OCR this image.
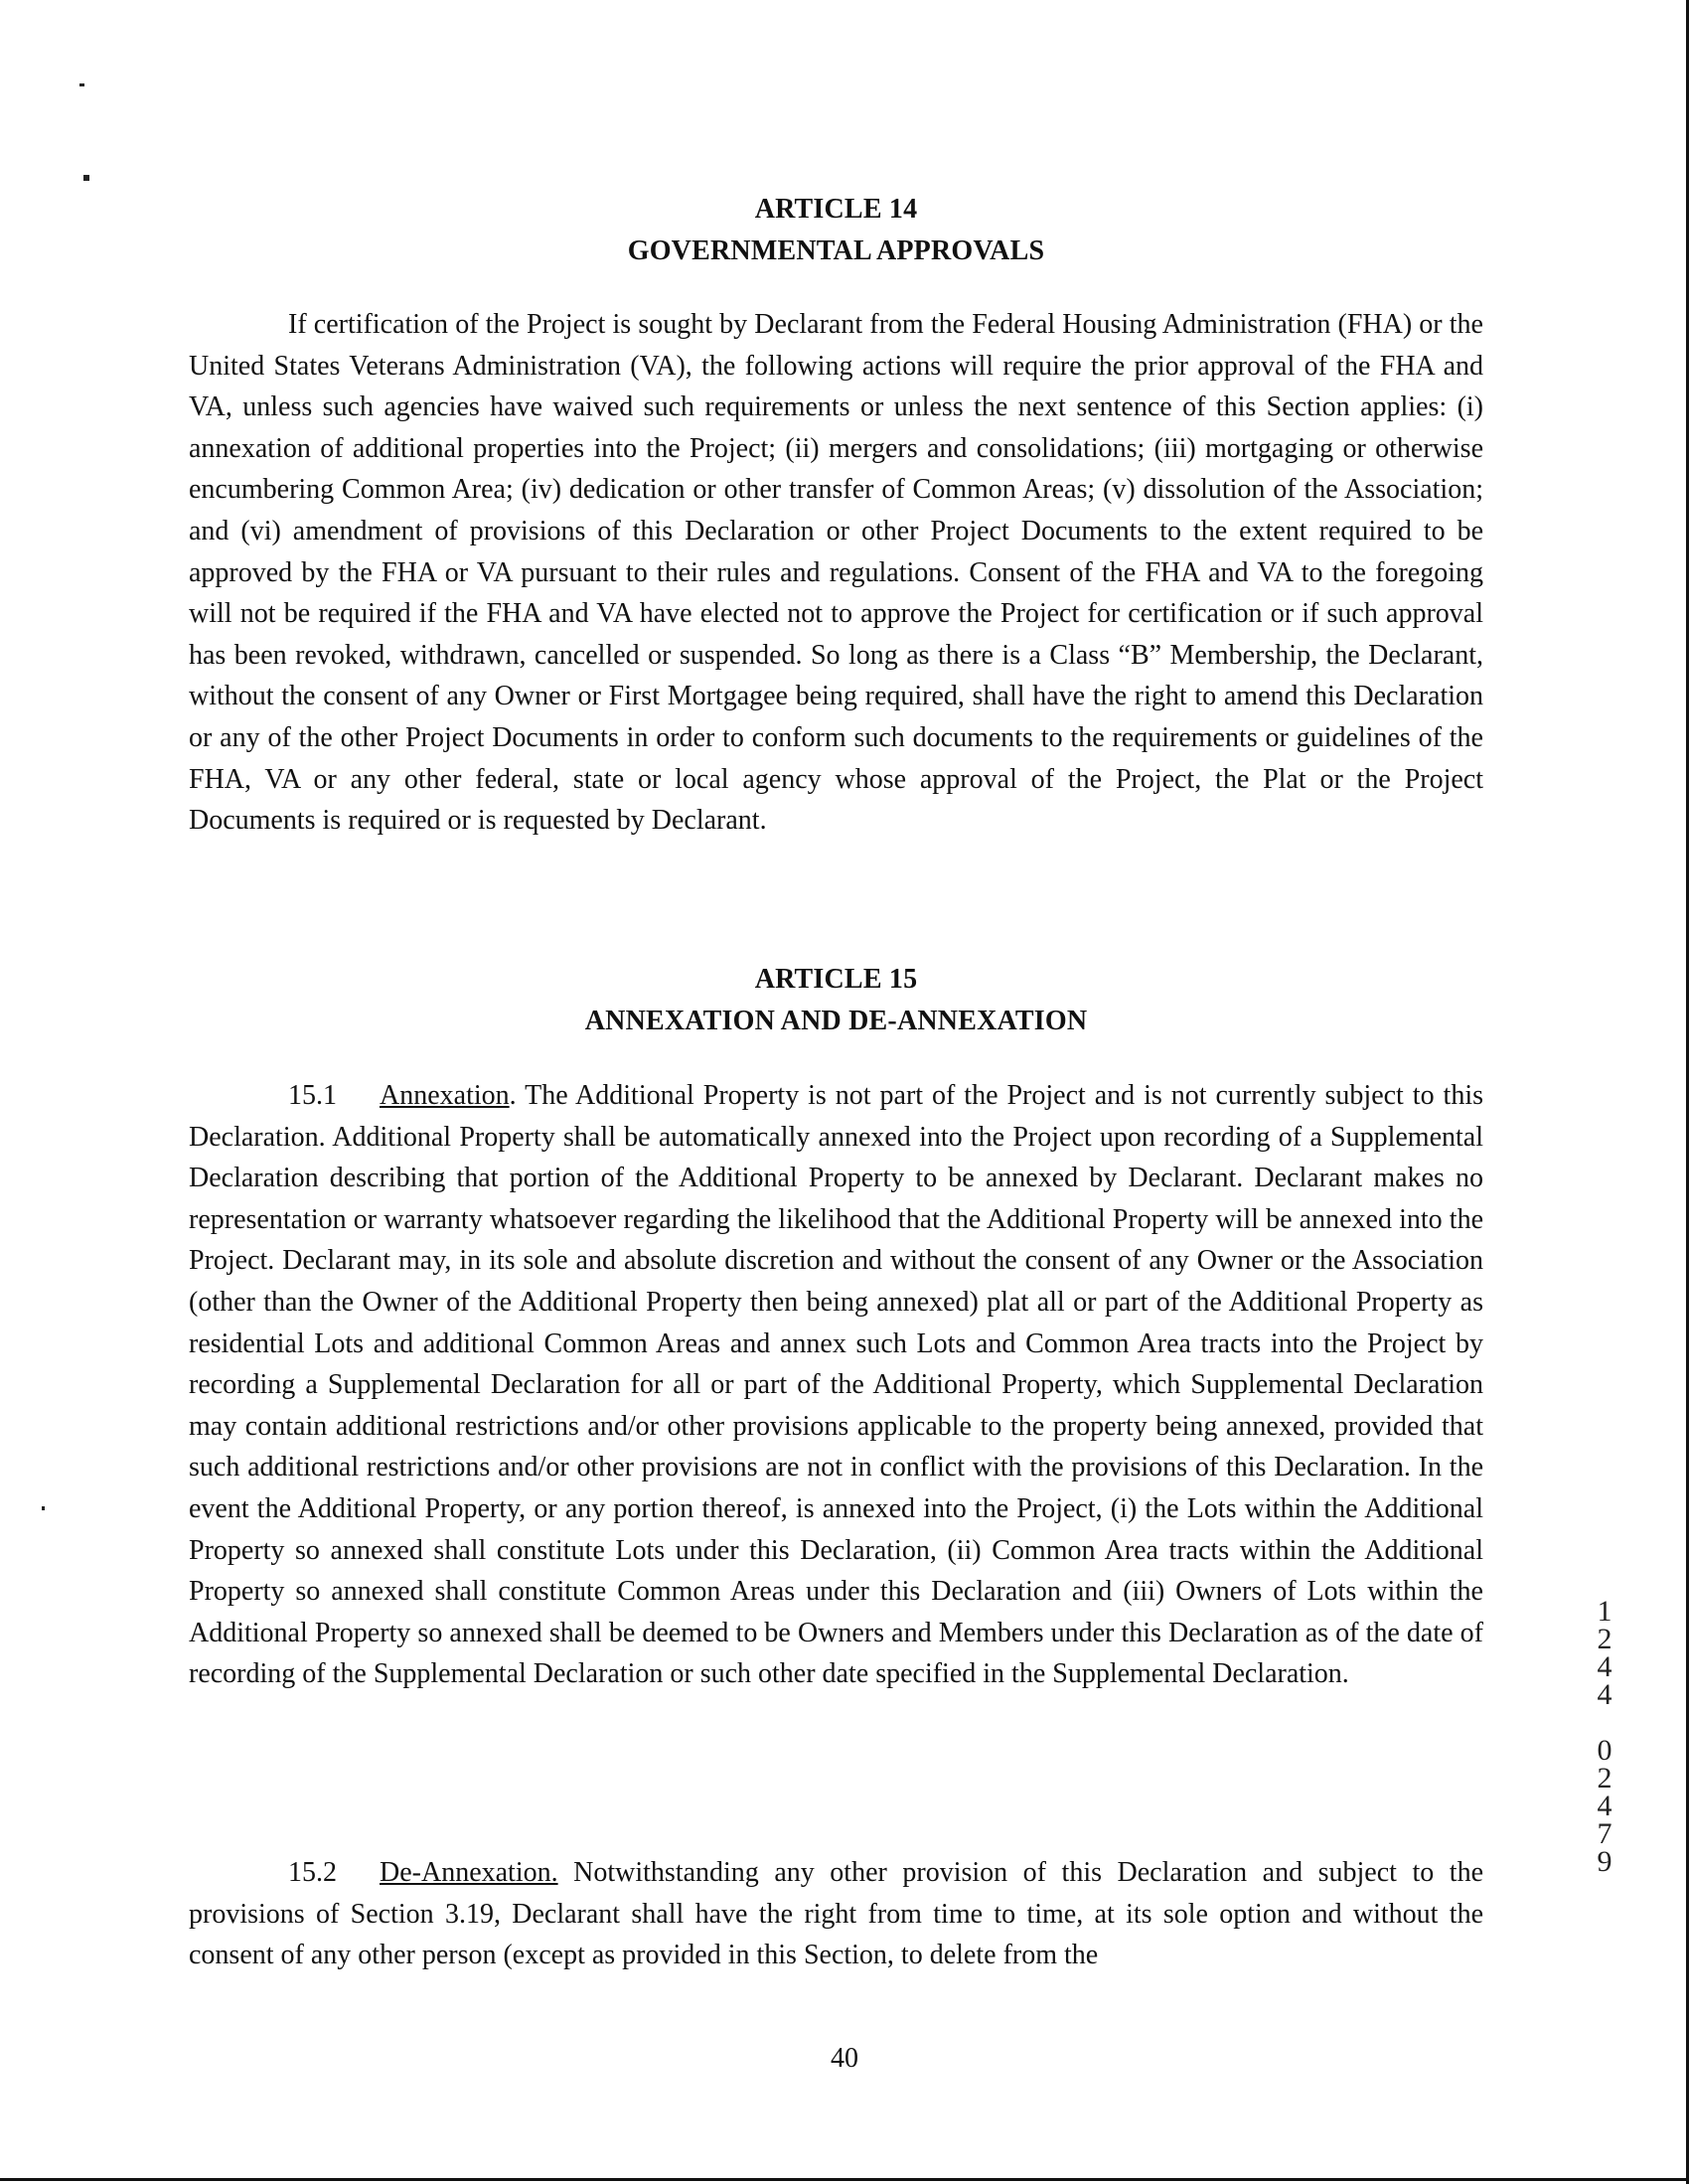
ARTICLE 14
GOVERNMENTAL APPROVALS

If certification of the Project is sought by Declarant from the Federal Housing Administration (FHA) or the United States Veterans Administration (VA), the following actions will require the prior approval of the FHA and VA, unless such agencies have waived such requirements or unless the next sentence of this Section applies: (i) annexation of additional properties into the Project; (ii) mergers and consolidations; (iii) mortgaging or otherwise encumbering Common Area; (iv) dedication or other transfer of Common Areas; (v) dissolution of the Association; and (vi) amendment of provisions of this Declaration or other Project Documents to the extent required to be approved by the FHA or VA pursuant to their rules and regulations. Consent of the FHA and VA to the foregoing will not be required if the FHA and VA have elected not to approve the Project for certification or if such approval has been revoked, withdrawn, cancelled or suspended. So long as there is a Class “B” Membership, the Declarant, without the consent of any Owner or First Mortgagee being required, shall have the right to amend this Declaration or any of the other Project Documents in order to conform such documents to the requirements or guidelines of the FHA, VA or any other federal, state or local agency whose approval of the Project, the Plat or the Project Documents is required or is requested by Declarant.

ARTICLE 15
ANNEXATION AND DE-ANNEXATION

15.1 Annexation. The Additional Property is not part of the Project and is not currently subject to this Declaration. Additional Property shall be automatically annexed into the Project upon recording of a Supplemental Declaration describing that portion of the Additional Property to be annexed by Declarant. Declarant makes no representation or warranty whatsoever regarding the likelihood that the Additional Property will be annexed into the Project. Declarant may, in its sole and absolute discretion and without the consent of any Owner or the Association (other than the Owner of the Additional Property then being annexed) plat all or part of the Additional Property as residential Lots and additional Common Areas and annex such Lots and Common Area tracts into the Project by recording a Supplemental Declaration for all or part of the Additional Property, which Supplemental Declaration may contain additional restrictions and/or other provisions applicable to the property being annexed, provided that such additional restrictions and/or other provisions are not in conflict with the provisions of this Declaration. In the event the Additional Property, or any portion thereof, is annexed into the Project, (i) the Lots within the Additional Property so annexed shall constitute Lots under this Declaration, (ii) Common Area tracts within the Additional Property so annexed shall constitute Common Areas under this Declaration and (iii) Owners of Lots within the Additional Property so annexed shall be deemed to be Owners and Members under this Declaration as of the date of recording of the Supplemental Declaration or such other date specified in the Supplemental Declaration.

15.2 De-Annexation. Notwithstanding any other provision of this Declaration and subject to the provisions of Section 3.19, Declarant shall have the right from time to time, at its sole option and without the consent of any other person (except as provided in this Section, to delete from the

40
1
2
4
4

0
2
4
7
9
